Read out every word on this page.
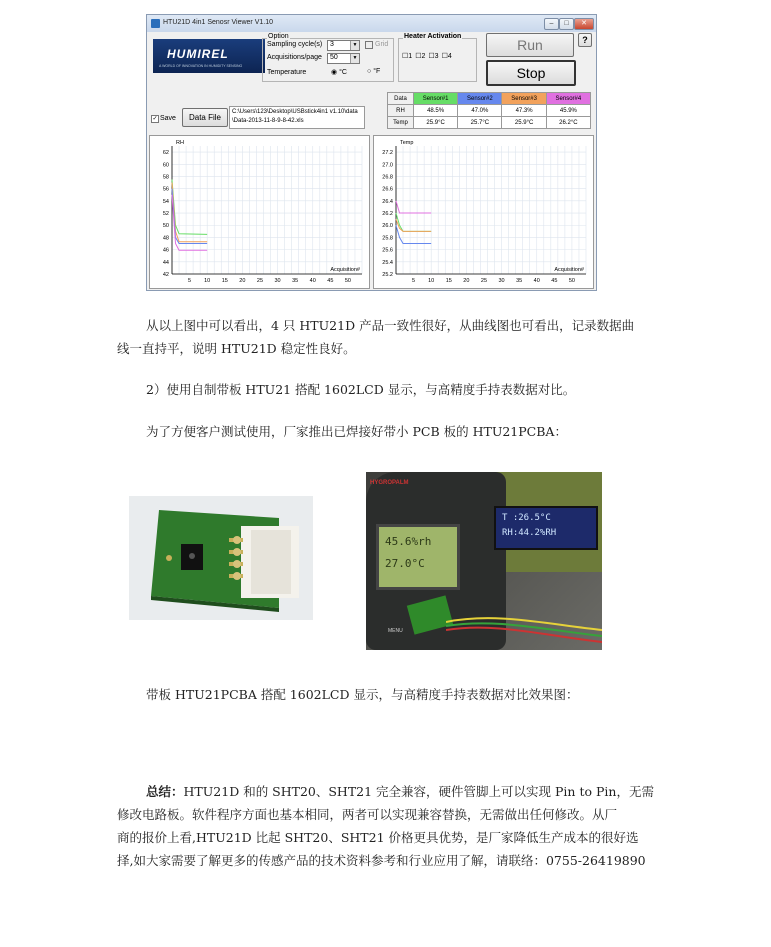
HTU21D 4in1 Senosr Viewer V1.10	–	□	✕
HUMIREL
A WORLD OF INNOVATION IN HUMIDITY SENSING
Option
Sampling cycle(s) 3	▼	Grid
Acquisitions/page 50	▼
Temperature	◉ °C	○ °F
Heater Activation
☐1 ☐2 ☐3 ☐4
Run
Stop
?
✓ Save	Data File
C:\Users\123\Desktop\USBstick4in1 v1.10\data
\Data-2013-11-8-9-8-42.xls
Data	Sensor#1	Sensor#2	Sensor#3	Sensor#4
RH	48.5%	47.0%	47.3%	45.9%
Temp	25.9°C	25.7°C	25.9°C	26.2°C
62
60
58
56
54
52
50
48
46
44
42
5 10 15 20 25 30 35 40 45 50
RH
Acquisition#
27.2
27.0
26.8
26.6
26.4
26.2
26.0
25.8
25.6
25.4
25.2
5 10 15 20 25 30 35 40 45 50
Temp
Acquisition#
从以上图中可以看出，4 只 HTU21D 产品一致性很好，从曲线图也可看出，记录数据曲
线一直持平，说明 HTU21D 稳定性良好。
2）使用自制带板 HTU21 搭配 1602LCD 显示，与高精度手持表数据对比。
为了方便客户测试使用，厂家推出已焊接好带小 PCB 板的 HTU21PCBA：
HYGROPALM
45.6%rh
27.0°C
MENU
T :26.5°C
RH:44.2%RH
带板 HTU21PCBA 搭配 1602LCD 显示，与高精度手持表数据对比效果图：
总结：HTU21D 和的 SHT20、SHT21 完全兼容，硬件管脚上可以实现 Pin to Pin，无需
修改电路板。软件程序方面也基本相同，两者可以实现兼容替换，无需做出任何修改。从厂
商的报价上看,HTU21D 比起 SHT20、SHT21 价格更具优势，是厂家降低生产成本的很好选
择,如大家需要了解更多的传感产品的技术资料参考和行业应用了解，请联络：0755-26419890
